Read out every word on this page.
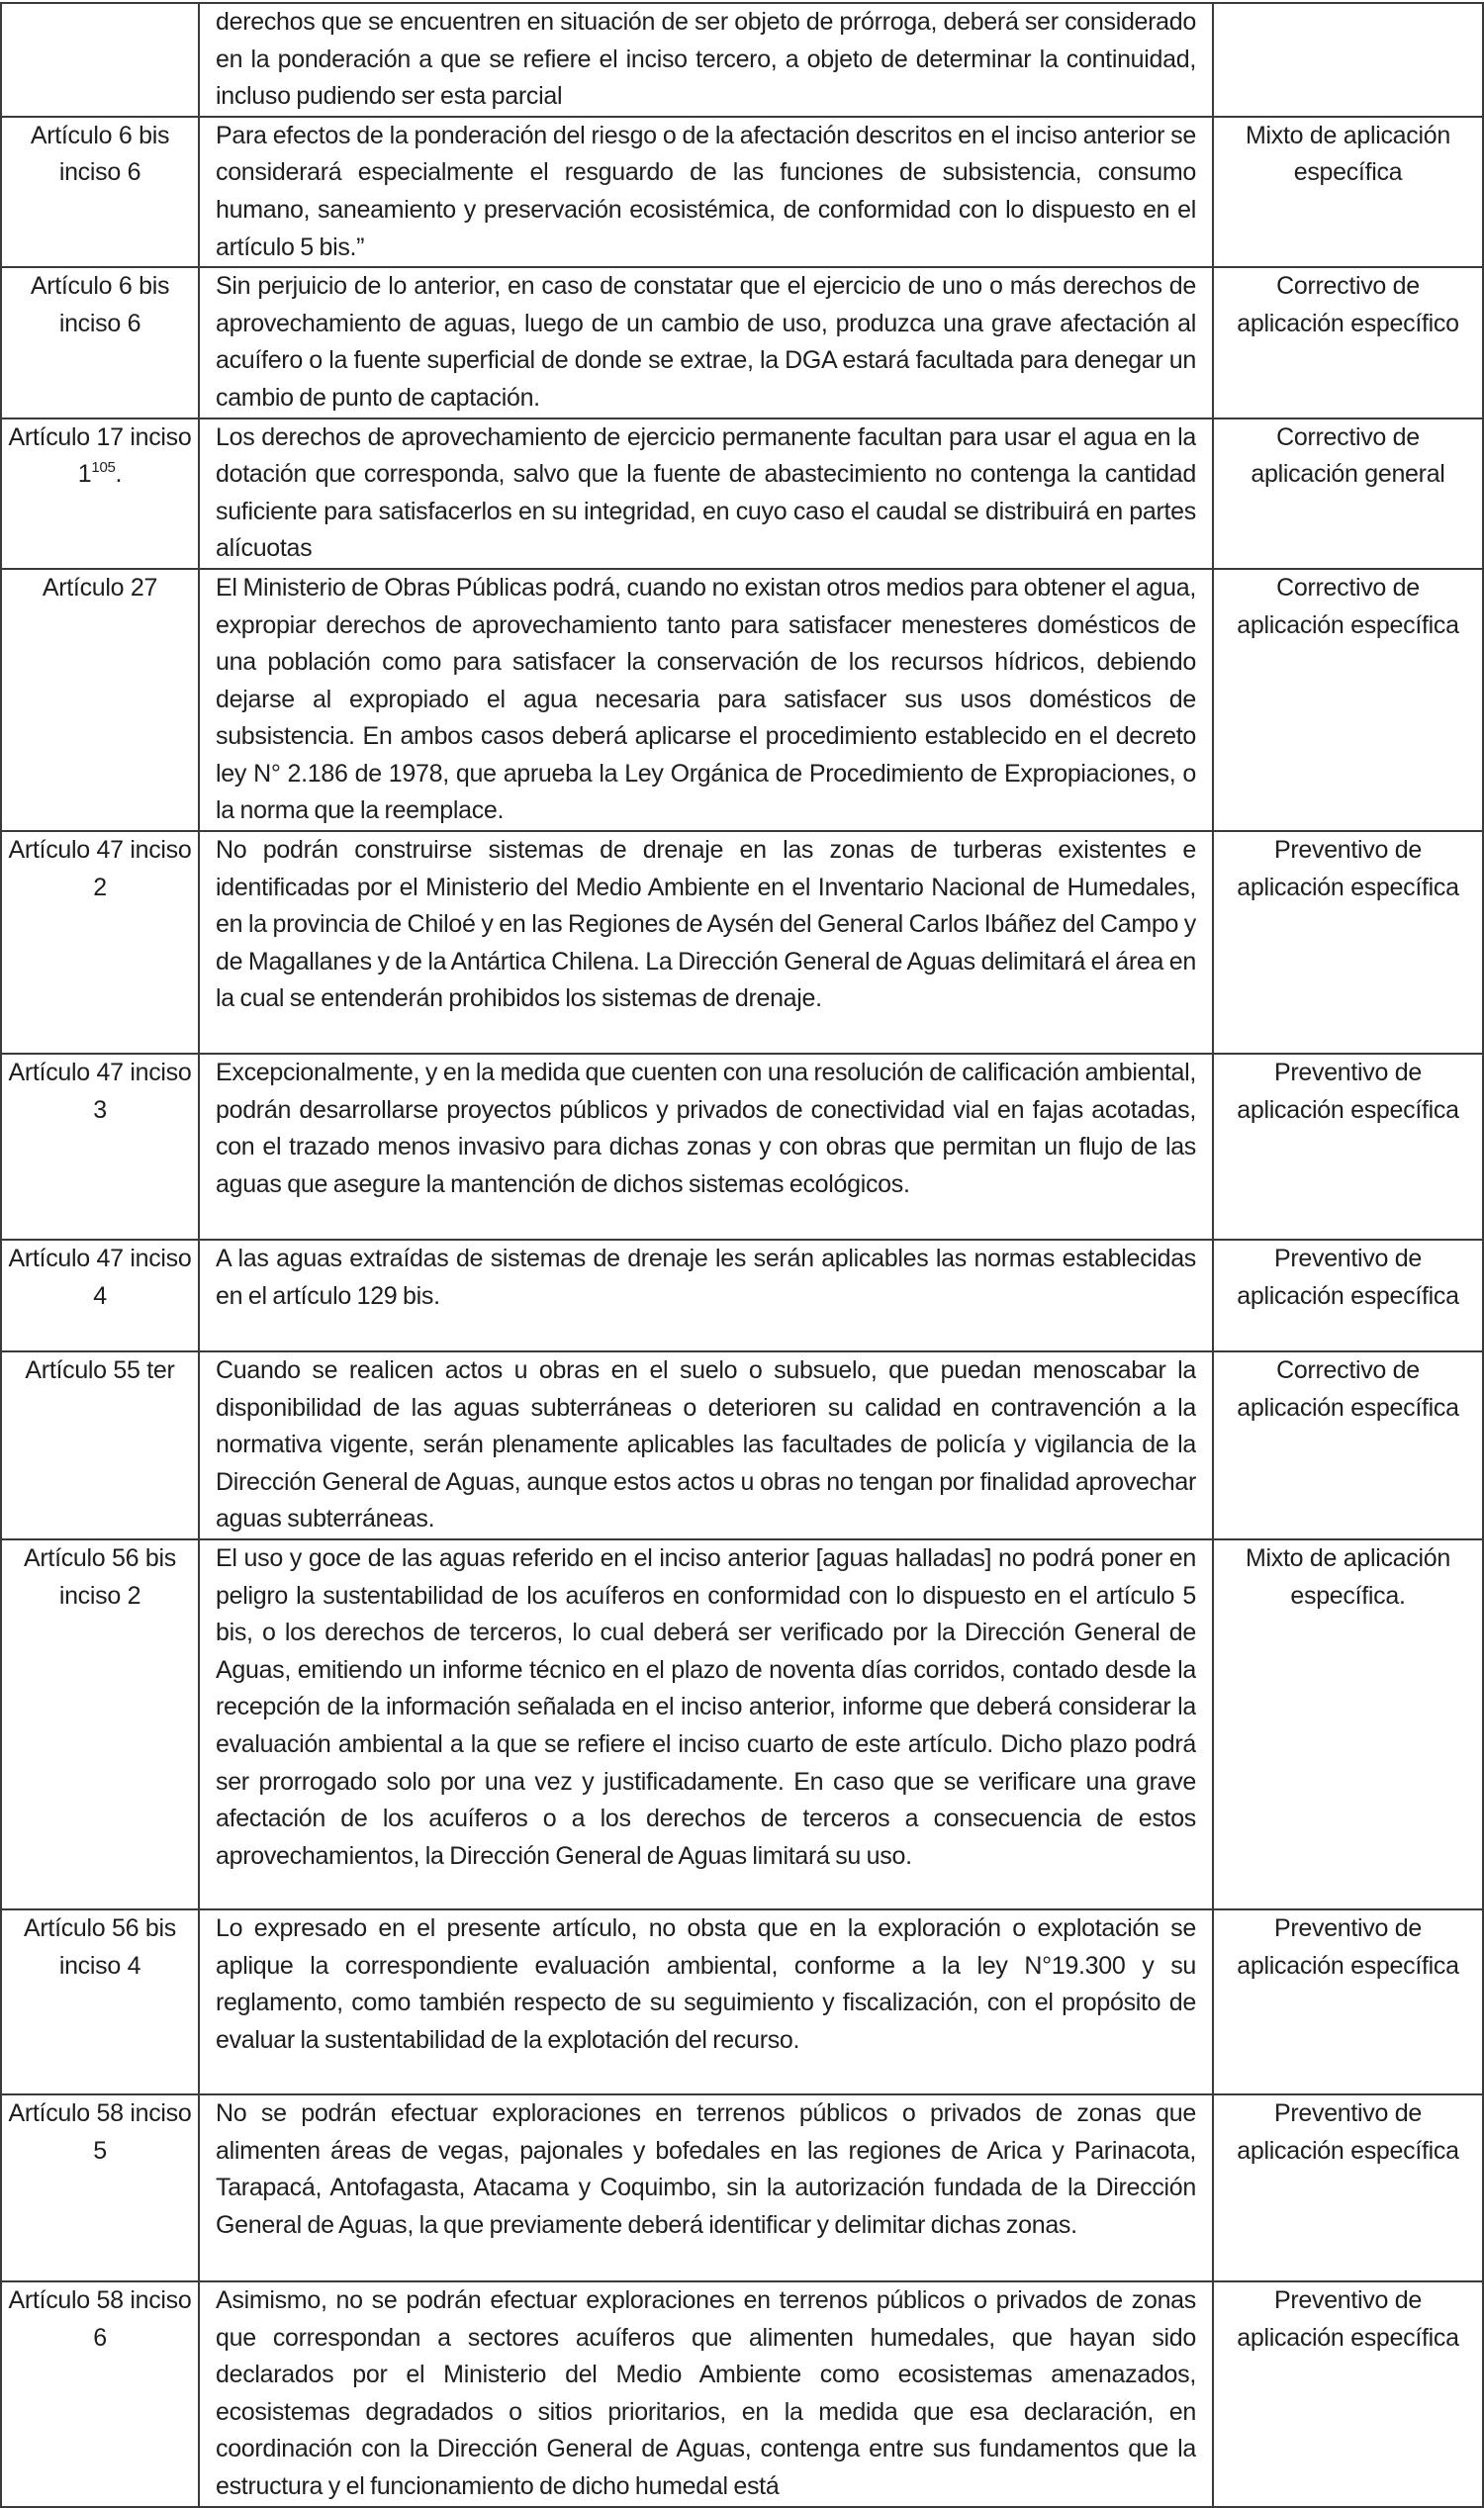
	derechos que se encuentren en situación de ser objeto de prórroga, deberá ser considerado en la ponderación a que se refiere el inciso tercero, a objeto de determinar la continuidad, incluso pudiendo ser esta parcial	

Artículo 6 bis inciso 6	Para efectos de la ponderación del riesgo o de la afectación descritos en el inciso anterior se considerará especialmente el resguardo de las funciones de subsistencia, consumo humano, saneamiento y preservación ecosistémica, de conformidad con lo dispuesto en el artículo 5 bis.”	Mixto de aplicación específica

Artículo 6 bis inciso 6	Sin perjuicio de lo anterior, en caso de constatar que el ejercicio de uno o más derechos de aprovechamiento de aguas, luego de un cambio de uso, produzca una grave afectación al acuífero o la fuente superficial de donde se extrae, la DGA estará facultada para denegar un cambio de punto de captación.	Correctivo de aplicación específico

Artículo 17 inciso $1^{105}$.	Los derechos de aprovechamiento de ejercicio permanente facultan para usar el agua en la dotación que corresponda, salvo que la fuente de abastecimiento no contenga la cantidad suficiente para satisfacerlos en su integridad, en cuyo caso el caudal se distribuirá en partes alícuotas	Correctivo de aplicación general

Artículo 27	El Ministerio de Obras Públicas podrá, cuando no existan otros medios para obtener el agua, expropiar derechos de aprovechamiento tanto para satisfacer menesteres domésticos de una población como para satisfacer la conservación de los recursos hídricos, debiendo dejarse al expropiado el agua necesaria para satisfacer sus usos domésticos de subsistencia. En ambos casos deberá aplicarse el procedimiento establecido en el decreto ley N° 2.186 de 1978, que aprueba la Ley Orgánica de Procedimiento de Expropiaciones, o la norma que la reemplace.	Correctivo de aplicación específica

Artículo 47 inciso 2	No podrán construirse sistemas de drenaje en las zonas de turberas existentes e identificadas por el Ministerio del Medio Ambiente en el Inventario Nacional de Humedales, en la provincia de Chiloé y en las Regiones de Aysén del General Carlos Ibáñez del Campo y de Magallanes y de la Antártica Chilena. La Dirección General de Aguas delimitará el área en la cual se entenderán prohibidos los sistemas de drenaje.	Preventivo de aplicación específica

Artículo 47 inciso 3	Excepcionalmente, y en la medida que cuenten con una resolución de calificación ambiental, podrán desarrollarse proyectos públicos y privados de conectividad vial en fajas acotadas, con el trazado menos invasivo para dichas zonas y con obras que permitan un flujo de las aguas que asegure la mantención de dichos sistemas ecológicos.	Preventivo de aplicación específica

Artículo 47 inciso 4	A las aguas extraídas de sistemas de drenaje les serán aplicables las normas establecidas en el artículo 129 bis.	Preventivo de aplicación específica

Artículo 55 ter	Cuando se realicen actos u obras en el suelo o subsuelo, que puedan menoscabar la disponibilidad de las aguas subterráneas o deterioren su calidad en contravención a la normativa vigente, serán plenamente aplicables las facultades de policía y vigilancia de la Dirección General de Aguas, aunque estos actos u obras no tengan por finalidad aprovechar aguas subterráneas.	Correctivo de aplicación específica

Artículo 56 bis inciso 2	El uso y goce de las aguas referido en el inciso anterior [aguas halladas] no podrá poner en peligro la sustentabilidad de los acuíferos en conformidad con lo dispuesto en el artículo 5 bis, o los derechos de terceros, lo cual deberá ser verificado por la Dirección General de Aguas, emitiendo un informe técnico en el plazo de noventa días corridos, contado desde la recepción de la información señalada en el inciso anterior, informe que deberá considerar la evaluación ambiental a la que se refiere el inciso cuarto de este artículo. Dicho plazo podrá ser prorrogado solo por una vez y justificadamente. En caso que se verificare una grave afectación de los acuíferos o a los derechos de terceros a consecuencia de estos aprovechamientos, la Dirección General de Aguas limitará su uso.	Mixto de aplicación específica.

Artículo 56 bis inciso 4	Lo expresado en el presente artículo, no obsta que en la exploración o explotación se aplique la correspondiente evaluación ambiental, conforme a la ley N°19.300 y su reglamento, como también respecto de su seguimiento y fiscalización, con el propósito de evaluar la sustentabilidad de la explotación del recurso.	Preventivo de aplicación específica

Artículo 58 inciso 5	No se podrán efectuar exploraciones en terrenos públicos o privados de zonas que alimenten áreas de vegas, pajonales y bofedales en las regiones de Arica y Parinacota, Tarapacá, Antofagasta, Atacama y Coquimbo, sin la autorización fundada de la Dirección General de Aguas, la que previamente deberá identificar y delimitar dichas zonas.	Preventivo de aplicación específica

Artículo 58 inciso 6	Asimismo, no se podrán efectuar exploraciones en terrenos públicos o privados de zonas que correspondan a sectores acuíferos que alimenten humedales, que hayan sido declarados por el Ministerio del Medio Ambiente como ecosistemas amenazados, ecosistemas degradados o sitios prioritarios, en la medida que esa declaración, en coordinación con la Dirección General de Aguas, contenga entre sus fundamentos que la estructura y el funcionamiento de dicho humedal está	Preventivo de aplicación específica
